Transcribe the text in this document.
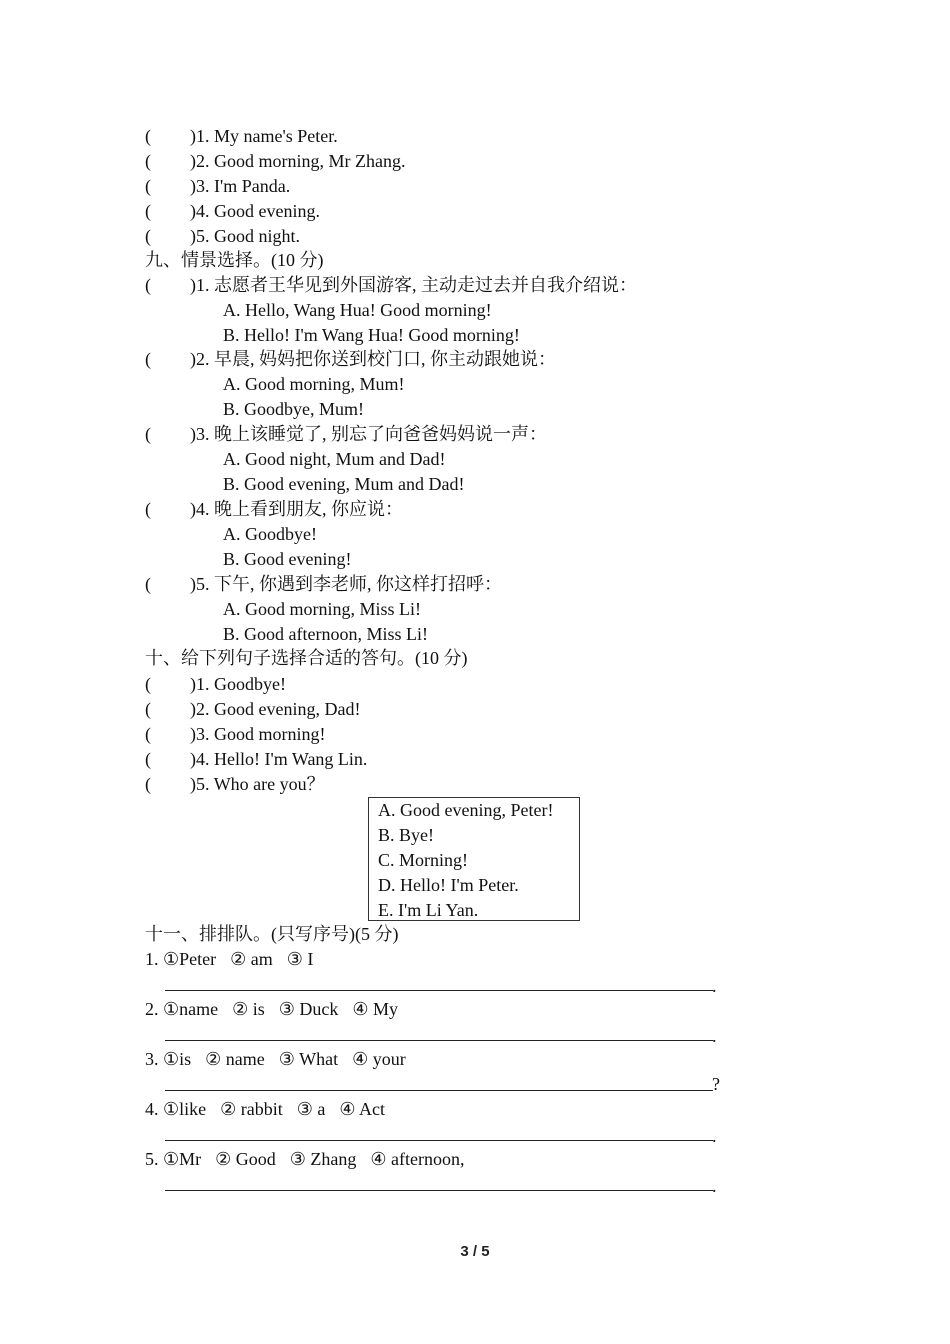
( )1. My name's Peter.
( )2. Good morning, Mr Zhang.
( )3. I'm Panda.
( )4. Good evening.
( )5. Good night.
九、情景选择。(10 分)
( )1. 志愿者王华见到外国游客, 主动走过去并自我介绍说：
A. Hello, Wang Hua! Good morning!
B. Hello! I'm Wang Hua! Good morning!
( )2. 早晨, 妈妈把你送到校门口, 你主动跟她说：
A. Good morning, Mum!
B. Goodbye, Mum!
( )3. 晚上该睡觉了, 别忘了向爸爸妈妈说一声：
A. Good night, Mum and Dad!
B. Good evening, Mum and Dad!
( )4. 晚上看到朋友, 你应说：
A. Goodbye!
B. Good evening!
( )5. 下午, 你遇到李老师, 你这样打招呼：
A. Good morning, Miss Li!
B. Good afternoon, Miss Li!
十、给下列句子选择合适的答句。(10 分)
( )1. Goodbye!
( )2. Good evening, Dad!
( )3. Good morning!
( )4. Hello! I'm Wang Lin.
( )5. Who are you？
A. Good evening, Peter!
B. Bye!
C. Morning!
D. Hello! I'm Peter.
E. I'm Li Yan.
十一、排排队。(只写序号)(5 分)
1. ①Peter ② am ③ I
.
2. ①name ② is ③ Duck ④ My
.
3. ①is ② name ③ What ④ your
?
4. ①like ② rabbit ③ a ④ Act
.
5. ①Mr ② Good ③ Zhang ④ afternoon,
.
3 / 5
